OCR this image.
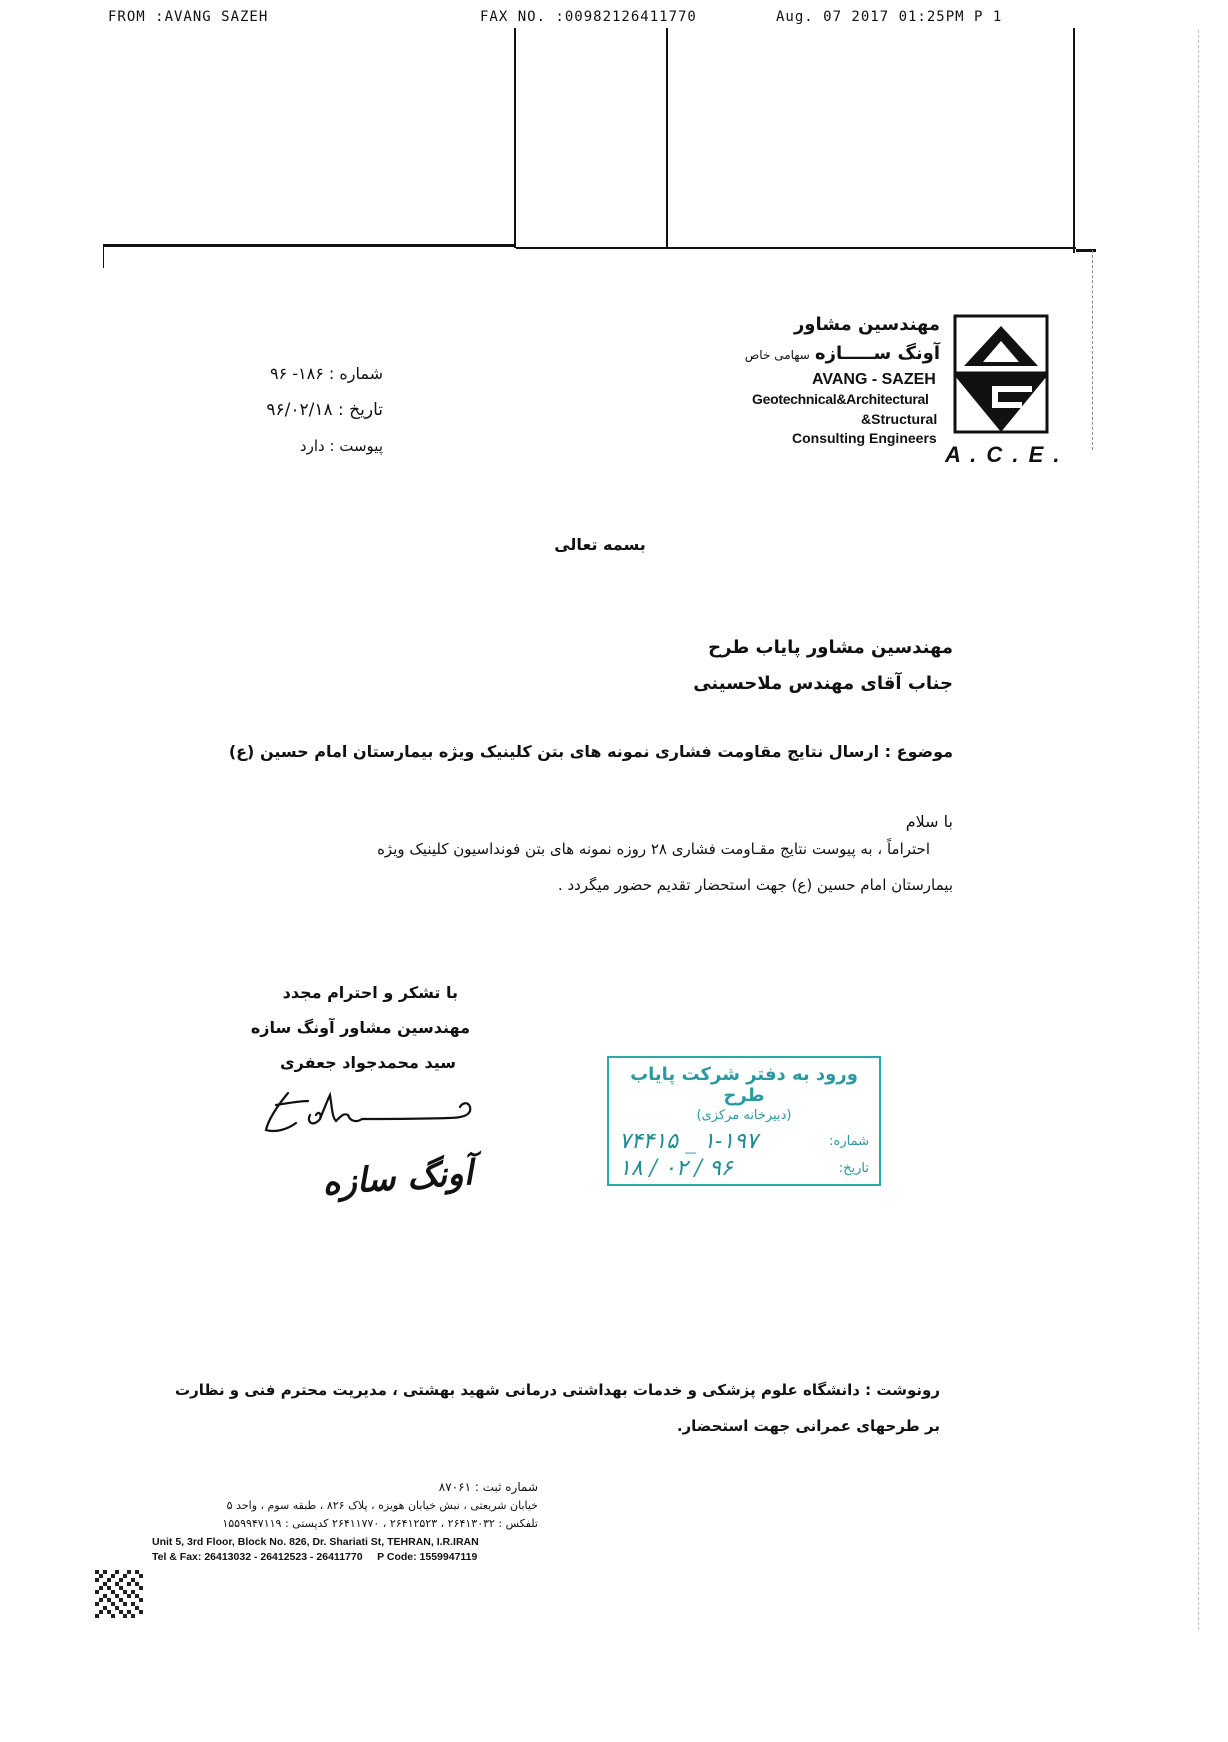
FROM :AVANG SAZEH	FAX NO. :00982126411770	Aug. 07 2017 01:25PM P 1
مهندسین مشاور
آونگ ســـــازه سهامی خاص
AVANG - SAZEH
Geotechnical&Architectural
&Structural
Consulting Engineers
A . C . E .
شماره : ۱۸۶- ۹۶
تاریخ : ۹۶/۰۲/۱۸
پیوست : دارد
بسمه تعالی
مهندسین مشاور پایاب طرح
جناب آقای مهندس ملاحسینی
موضوع : ارسال نتایج مقاومت فشاری نمونه های بتن کلینیک ویژه بیمارستان امام حسین (ع)
با سلام
احتراماً ، به پیوست نتایج مقـاومت فشاری ۲۸ روزه نمونه های بتن فونداسیون کلینیک ویژه
بیمارستان امام حسین (ع) جهت استحضار تقدیم حضور میگردد .
با تشکر و احترام مجدد
مهندسین مشاور آونگ سازه
سید محمدجواد جعفری
آونگ سازه
ورود به دفتر شرکت پایاب طرح
(دبیرخانه مرکزی)
شماره:
۱-۱۹۷ _ ۷۴۴۱۵
تاریخ:
۹۶ / ۰۲ / ۱۸
رونوشت : دانشگاه علوم پزشکی و خدمات بهداشتی درمانی شهید بهشتی ، مدیریت محترم فنی و نظارت
بر طرحهای عمرانی جهت استحضار.
شماره ثبت : ۸۷۰۶۱
خیابان شریعتی ، نبش خیابان هویزه ، پلاک ۸۲۶ ، طبقه سوم ، واحد ۵
تلفکس : ۲۶۴۱۳۰۳۲ ، ۲۶۴۱۲۵۲۳ ، ۲۶۴۱۱۷۷۰ کدپستی : ۱۵۵۹۹۴۷۱۱۹
Unit 5, 3rd Floor, Block No. 826, Dr. Shariati St, TEHRAN, I.R.IRAN
Tel & Fax: 26413032 - 26412523 - 26411770     P Code: 1559947119
